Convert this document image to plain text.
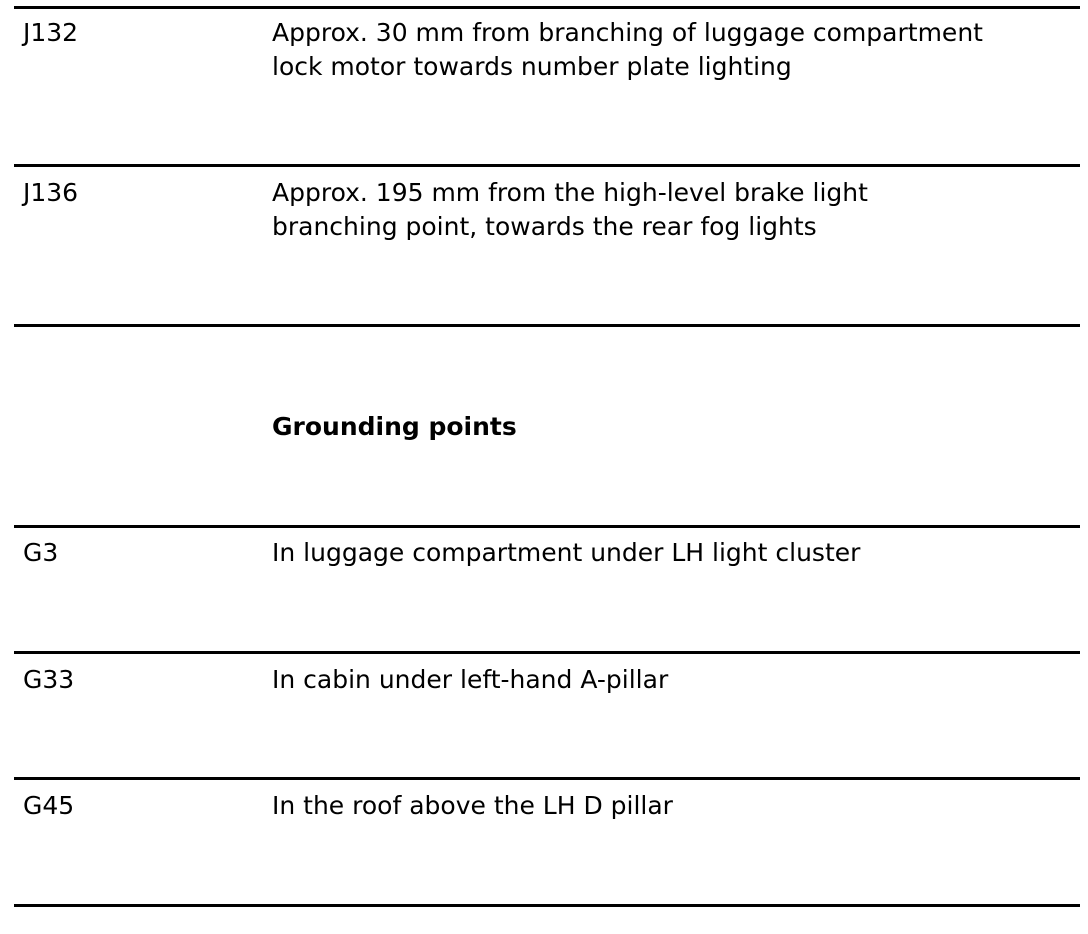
J132	Approx. 30 mm from branching of luggage compartment
lock motor towards number plate lighting
J136	Approx. 195 mm from the high-level brake light
branching point, towards the rear fog lights
Grounding points
G3	In luggage compartment under LH light cluster
G33	In cabin under left-hand A-pillar
G45	In the roof above the LH D pillar
